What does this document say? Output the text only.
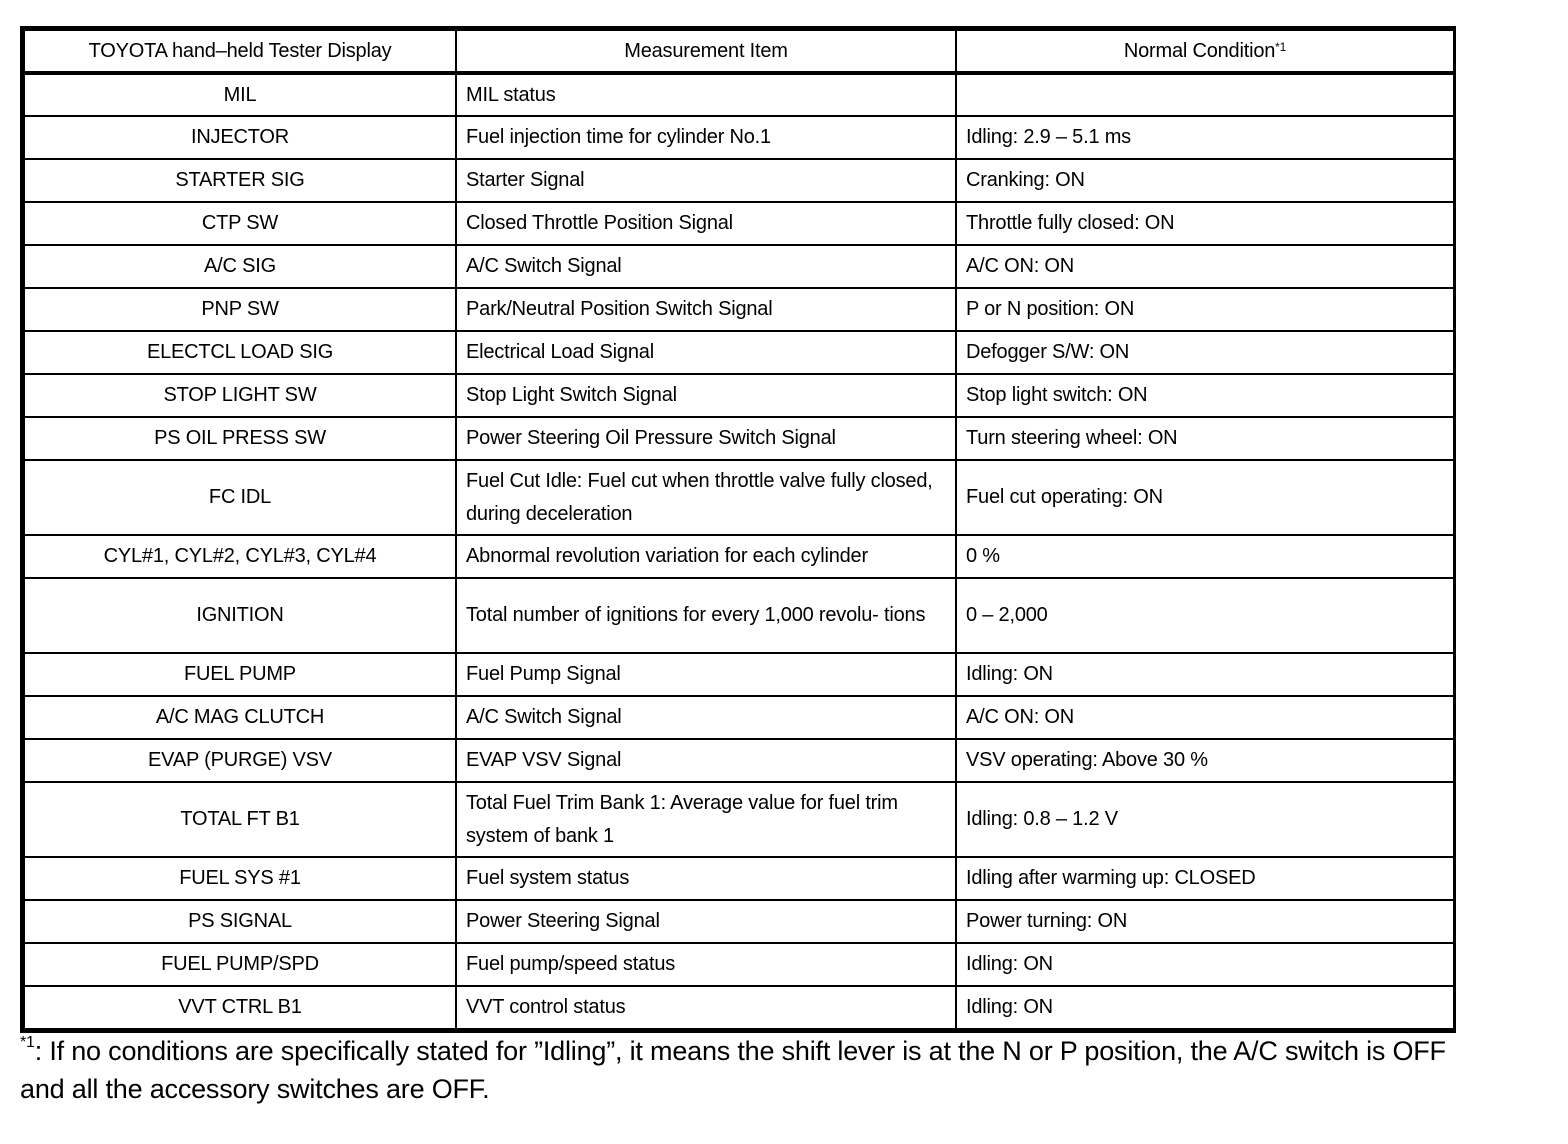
TOYOTA hand–held Tester Display	Measurement Item	Normal Condition$^{*1}$
MIL	MIL status	
INJECTOR	Fuel injection time for cylinder No.1	Idling: 2.9 – 5.1 ms
STARTER SIG	Starter Signal	Cranking: ON
CTP SW	Closed Throttle Position Signal	Throttle fully closed: ON
A/C SIG	A/C Switch Signal	A/C ON: ON
PNP SW	Park/Neutral Position Switch Signal	P or N position: ON
ELECTCL LOAD SIG	Electrical Load Signal	Defogger S/W: ON
STOP LIGHT SW	Stop Light Switch Signal	Stop light switch: ON
PS OIL PRESS SW	Power Steering Oil Pressure Switch Signal	Turn steering wheel: ON
FC IDL	Fuel Cut Idle: Fuel cut when throttle valve fully closed, during deceleration	Fuel cut operating: ON
CYL#1, CYL#2, CYL#3, CYL#4	Abnormal revolution variation for each cylinder	0 %
IGNITION	Total number of ignitions for every 1,000 revolu- tions	0 – 2,000
FUEL PUMP	Fuel Pump Signal	Idling: ON
A/C MAG CLUTCH	A/C Switch Signal	A/C ON: ON
EVAP (PURGE) VSV	EVAP VSV Signal	VSV operating: Above 30 %
TOTAL FT B1	Total Fuel Trim Bank 1: Average value for fuel trim system of bank 1	Idling: 0.8 – 1.2 V
FUEL SYS #1	Fuel system status	Idling after warming up: CLOSED
PS SIGNAL	Power Steering Signal	Power turning: ON
FUEL PUMP/SPD	Fuel pump/speed status	Idling: ON
VVT CTRL B1	VVT control status	Idling: ON
$^{*1}$: If no conditions are specifically stated for ”Idling”, it means the shift lever is at the N or P position, the A/C switch is OFF and all the accessory switches are OFF.
